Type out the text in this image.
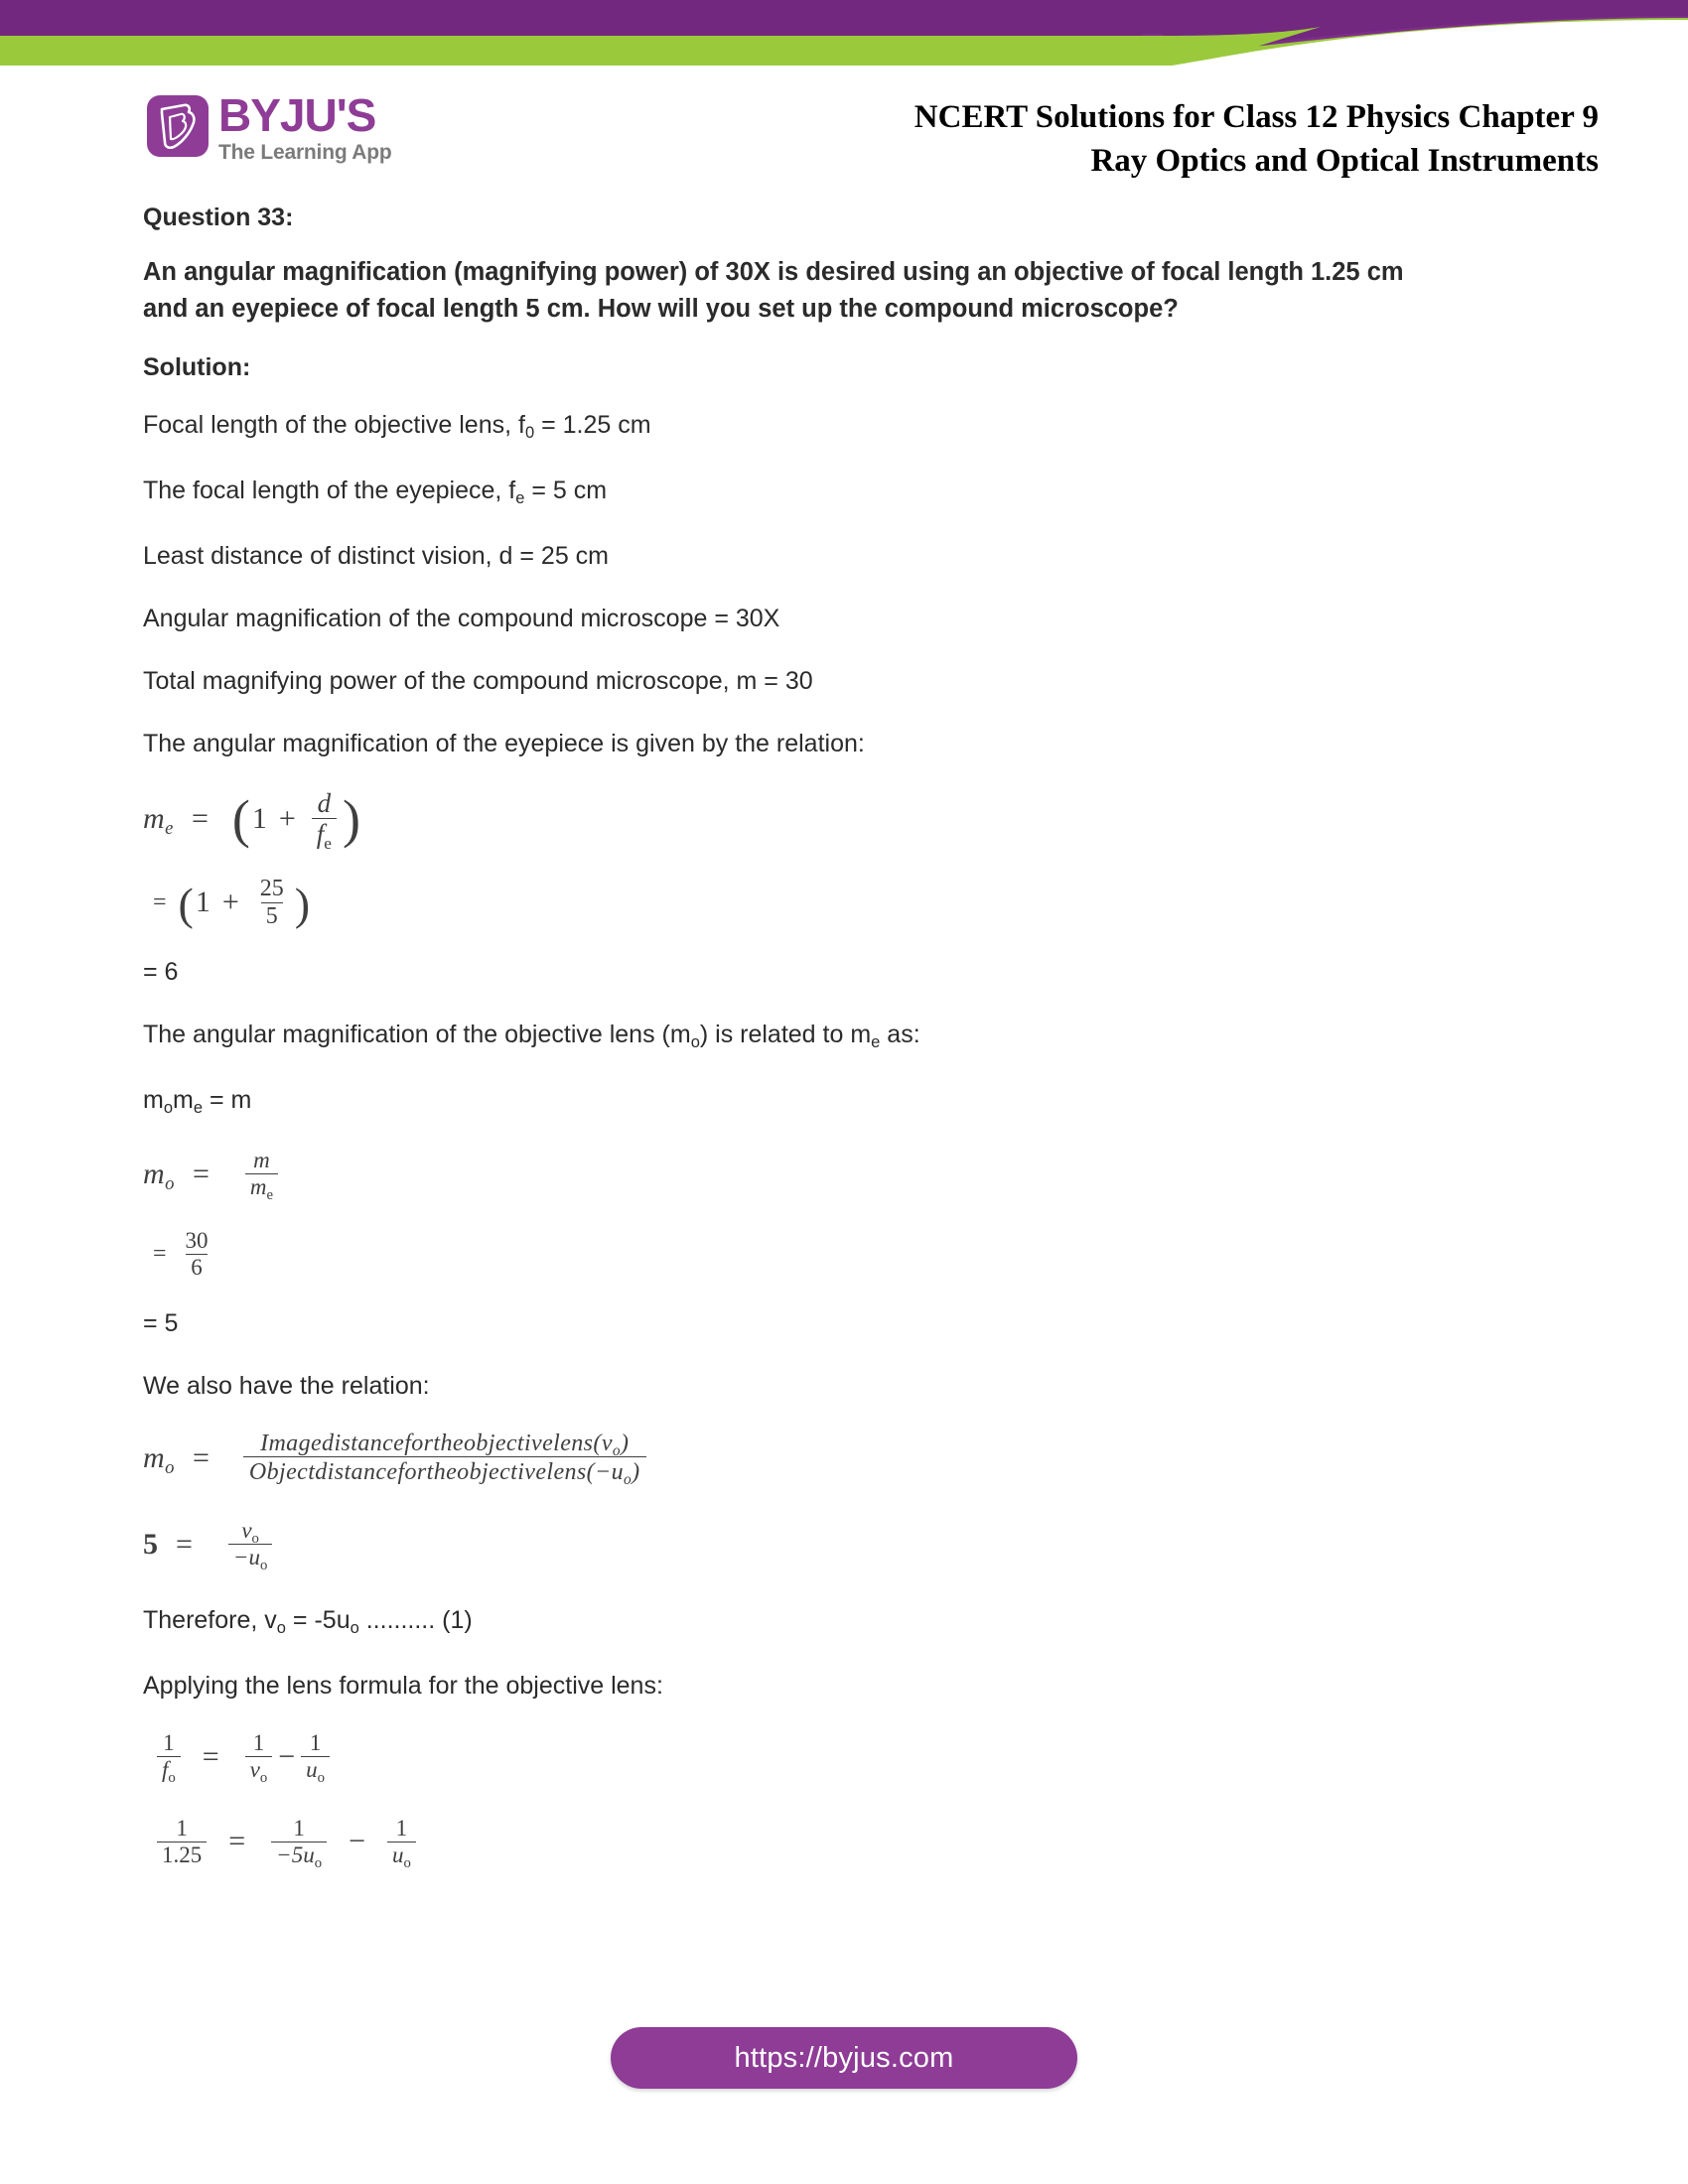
BYJU'S
The Learning App
NCERT Solutions for Class 12 Physics Chapter 9
Ray Optics and Optical Instruments

Question 33:

An angular magnification (magnifying power) of 30X is desired using an objective of focal length 1.25 cm and an eyepiece of focal length 5 cm. How will you set up the compound microscope?

Solution:

Focal length of the objective lens, $f_0 = 1.25$ cm

The focal length of the eyepiece, $f_e = 5$ cm

Least distance of distinct vision, d = 25 cm

Angular magnification of the compound microscope = 30X

Total magnifying power of the compound microscope, m = 30

The angular magnification of the eyepiece is given by the relation:

$m_e$ = ( $1 + \frac{d}{f_e}$ )
= ( $1 + \frac{25}{5}$ )

= 6

The angular magnification of the objective lens $(m_o)$ is related to $m_e$ as:

$m_om_e = m$

$m_o = \frac{m}{m_e}$
= $\frac{30}{6}$

= 5

We also have the relation:

$m_o = \frac{Imagedistancefortheobjectivelens(v_o)}{Objectdistancefortheobjectivelens(-u_o)}$
$5 = \frac{v_o}{-u_o}$

Therefore, $v_o = -5u_o$ .......... (1)

Applying the lens formula for the objective lens:

$\frac{1}{f_o} = \frac{1}{v_o} - \frac{1}{u_o}$
$\frac{1}{1.25} = \frac{1}{-5u_o} - \frac{1}{u_o}$
https://byjus.com
